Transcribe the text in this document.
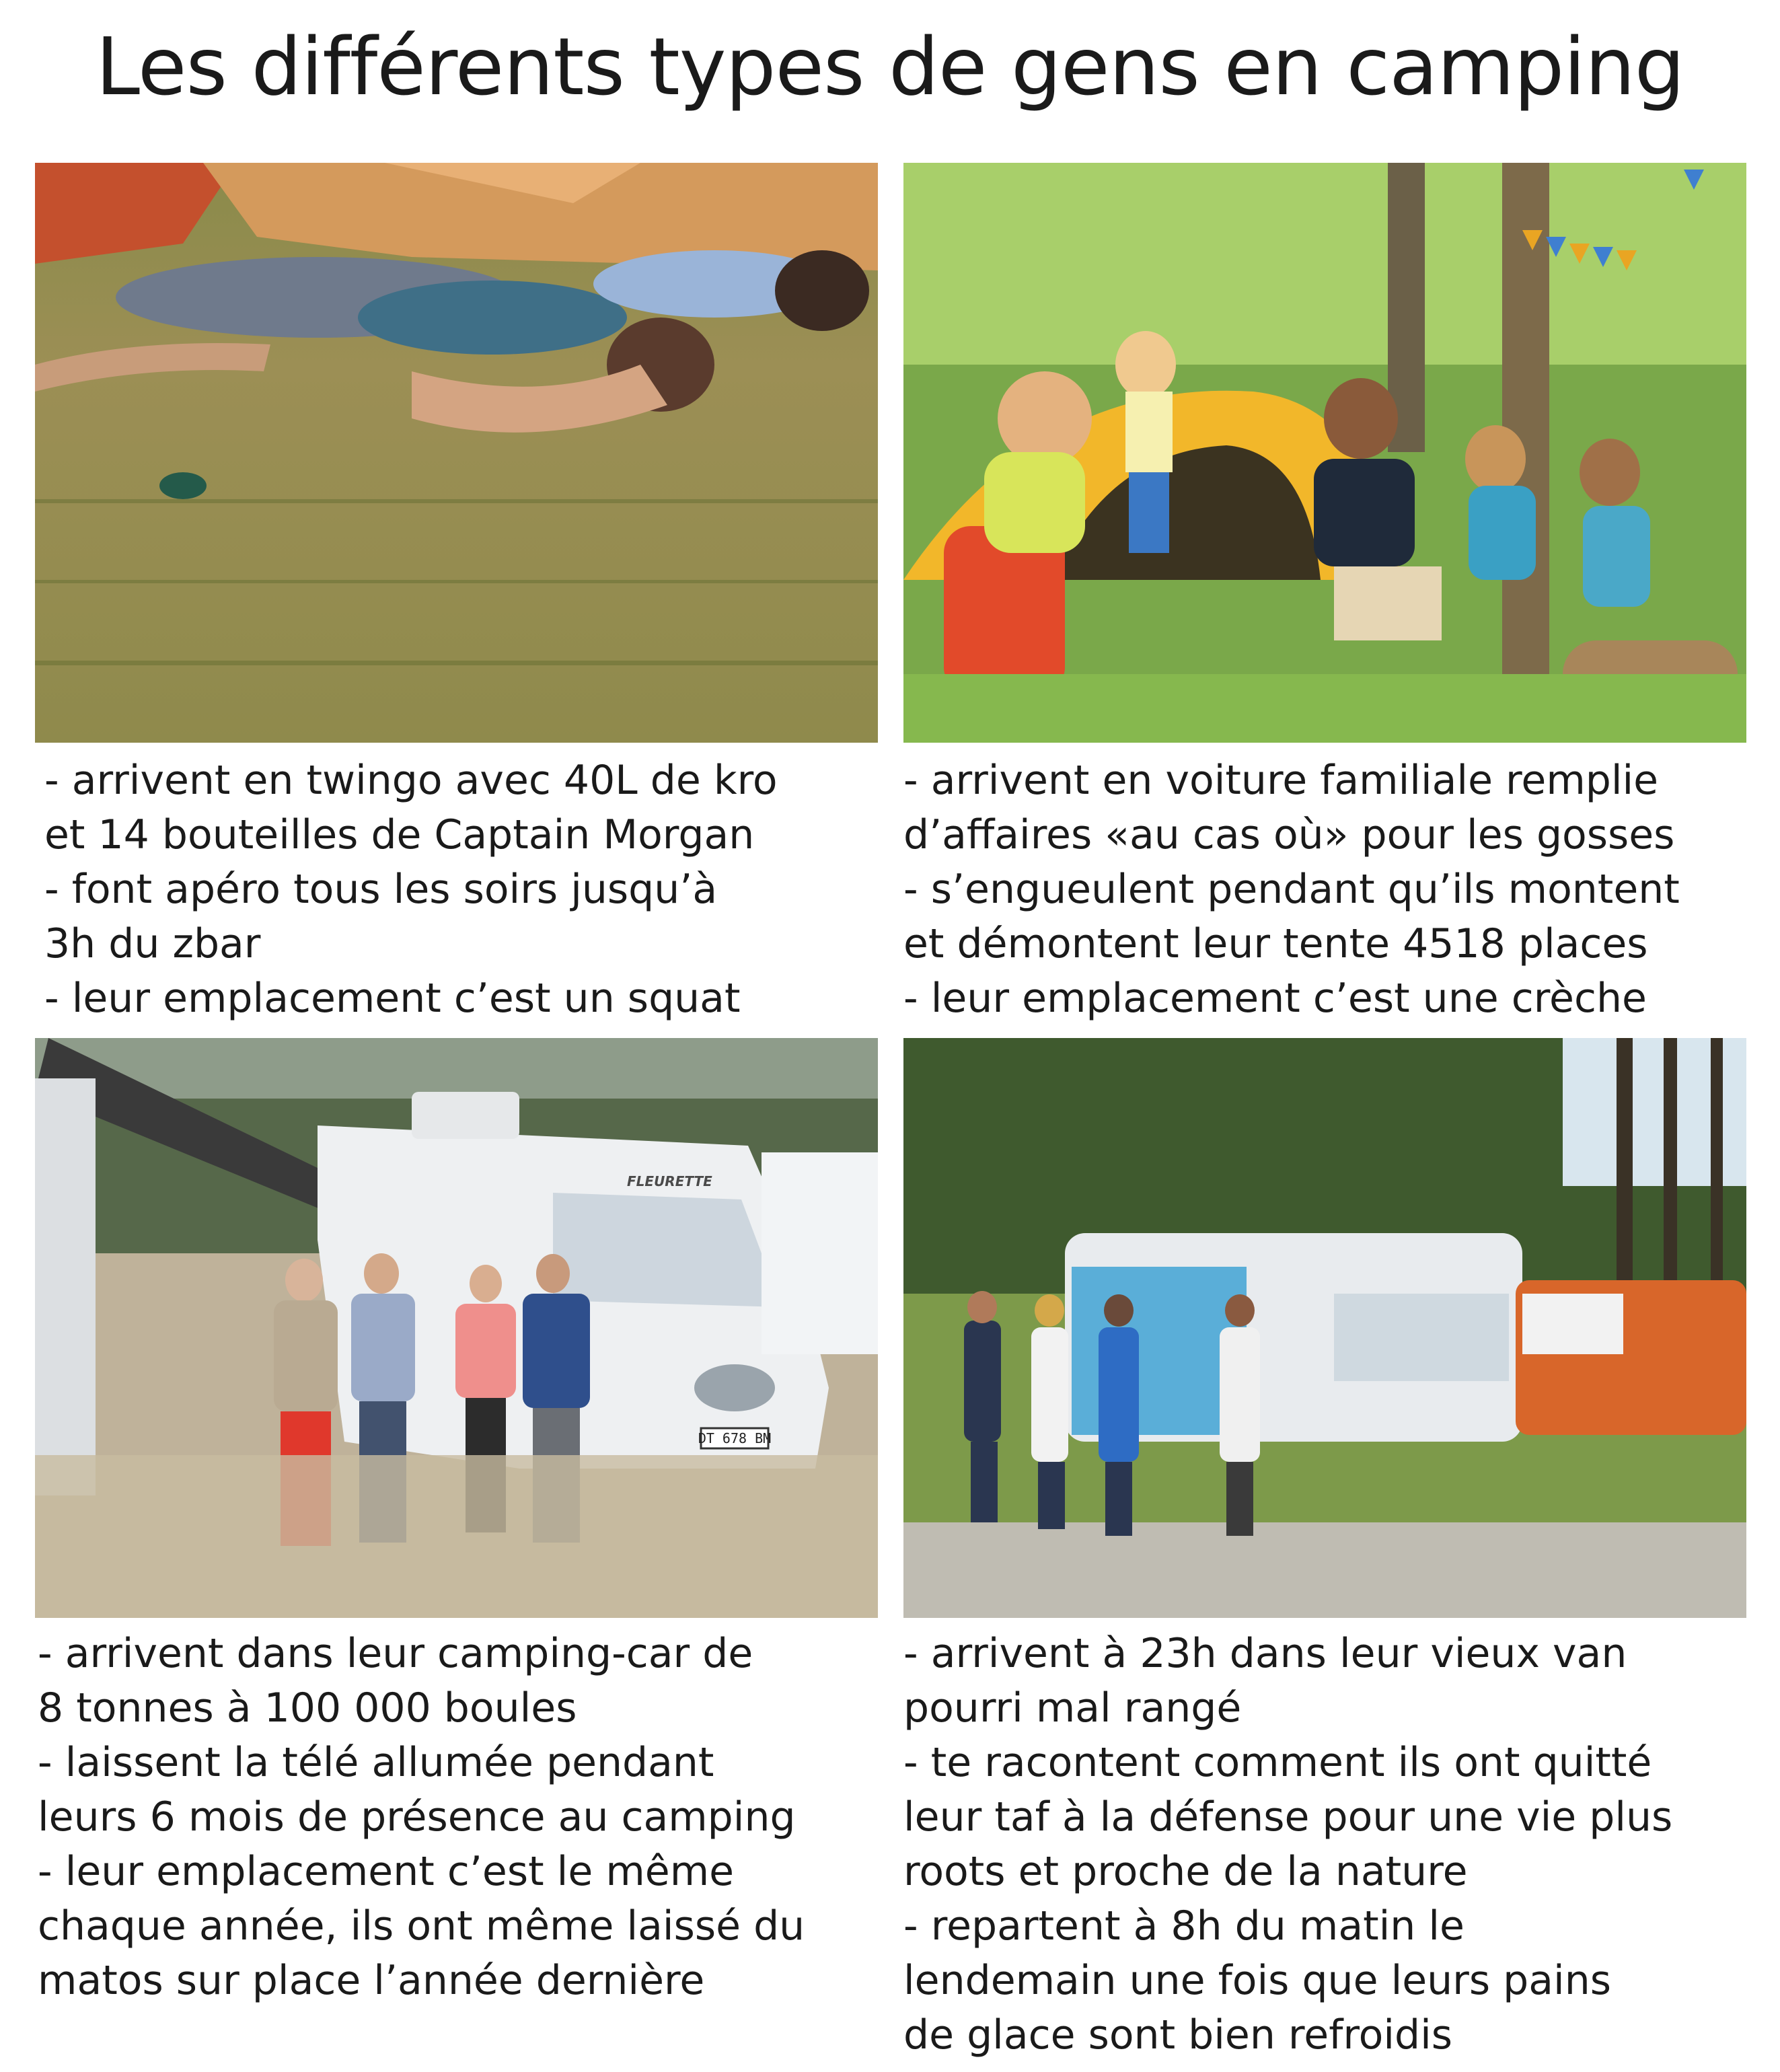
Les différents types de gens en camping
FLEURETTE
DT 678 BM
- arrivent en twingo avec 40L de kro
et 14 bouteilles de Captain Morgan
- font apéro tous les soirs jusqu’à
3h du zbar
- leur emplacement c’est un squat
- arrivent en voiture familiale remplie
d’affaires «au cas où» pour les gosses
- s’engueulent pendant qu’ils montent
et démontent leur tente 4518 places
- leur emplacement c’est une crèche
- arrivent dans leur camping-car de
8 tonnes à 100 000 boules
- laissent la télé allumée pendant
leurs 6 mois de présence au camping
- leur emplacement c’est le même
chaque année, ils ont même laissé du
matos sur place l’année dernière
- arrivent à 23h dans leur vieux van
pourri mal rangé
- te racontent comment ils ont quitté
leur taf à la défense pour une vie plus
roots et proche de la nature
- repartent à 8h du matin le
lendemain une fois que leurs pains
de glace sont bien refroidis
